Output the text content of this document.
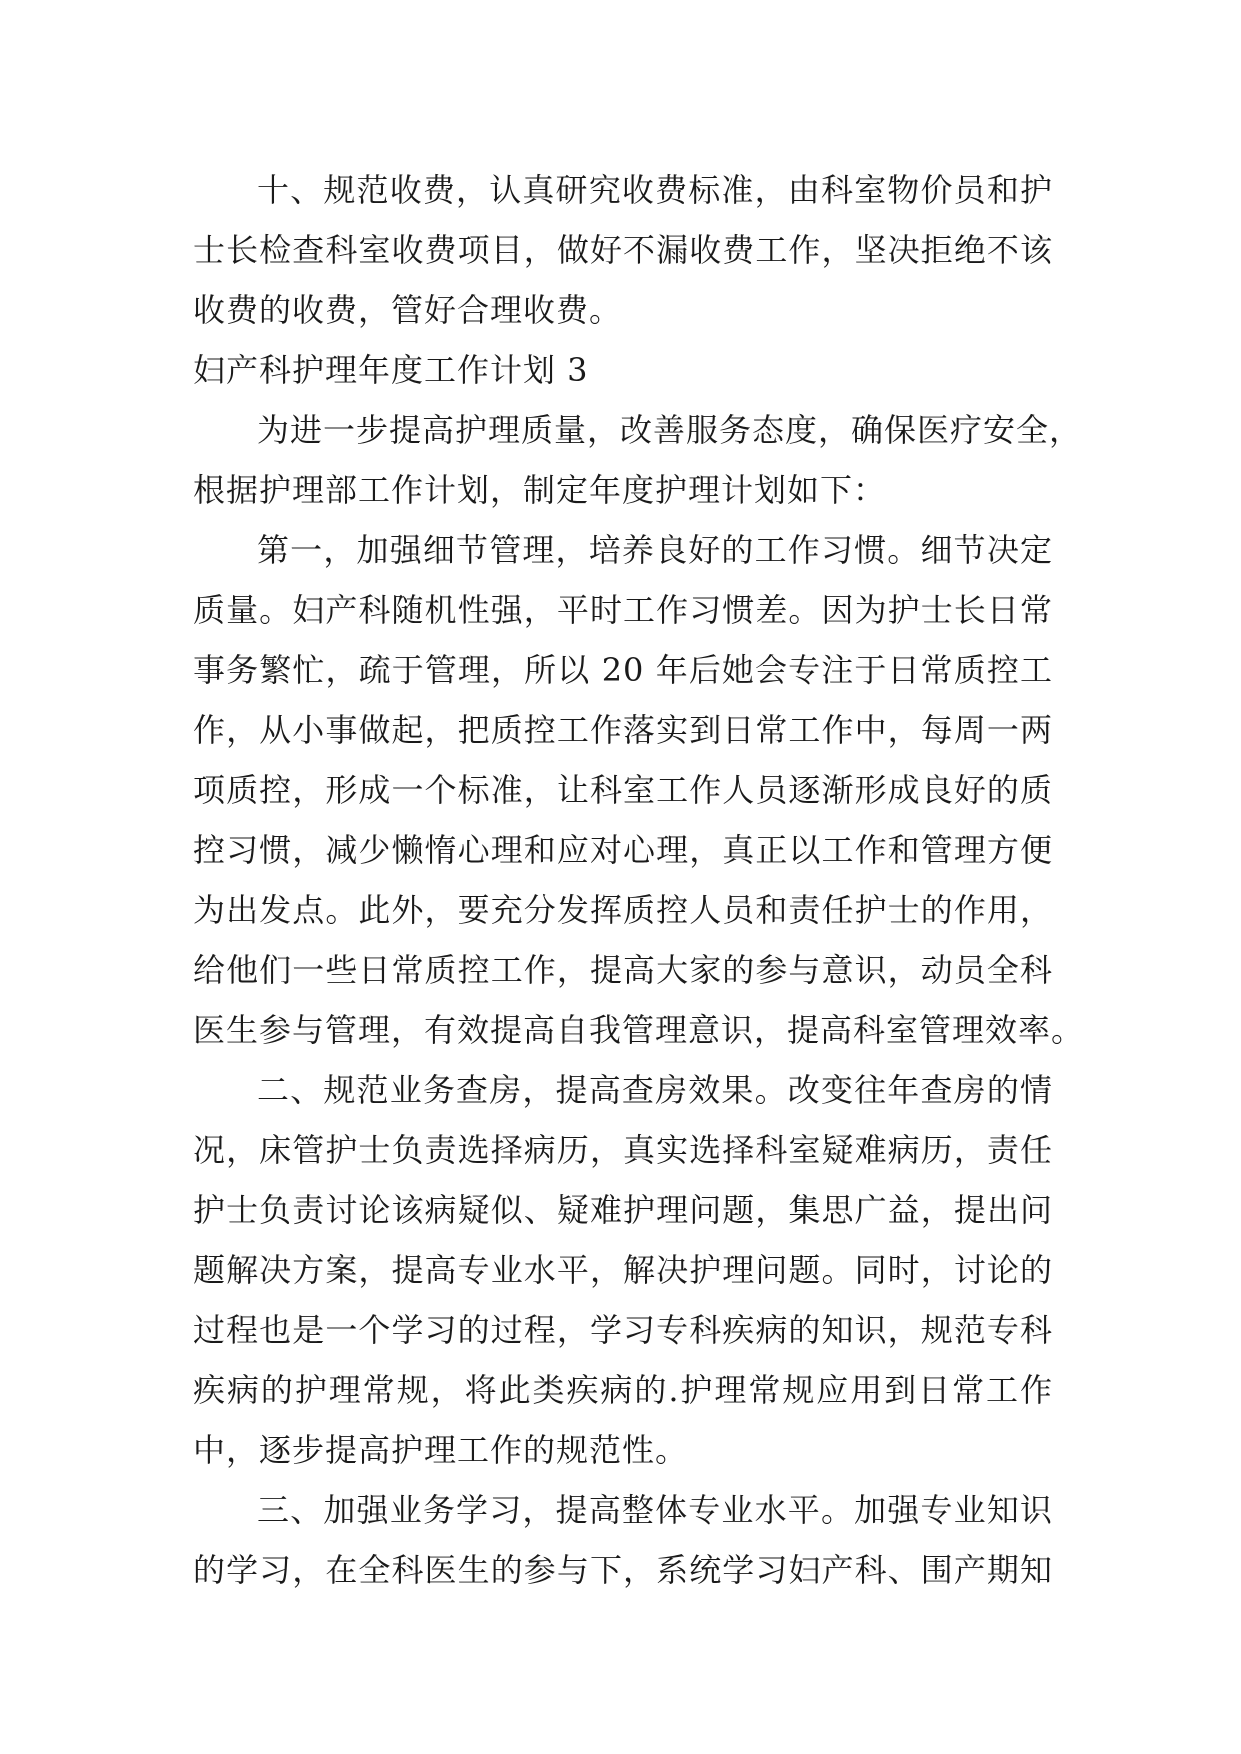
十、规范收费，认真研究收费标准，由科室物价员和护
士长检查科室收费项目，做好不漏收费工作，坚决拒绝不该
收费的收费，管好合理收费。
妇产科护理年度工作计划 3
为进一步提高护理质量，改善服务态度，确保医疗安全，
根据护理部工作计划，制定年度护理计划如下：
第一，加强细节管理，培养良好的工作习惯。细节决定
质量。妇产科随机性强，平时工作习惯差。因为护士长日常
事务繁忙，疏于管理，所以 20 年后她会专注于日常质控工
作，从小事做起，把质控工作落实到日常工作中，每周一两
项质控，形成一个标准，让科室工作人员逐渐形成良好的质
控习惯，减少懒惰心理和应对心理，真正以工作和管理方便
为出发点。此外，要充分发挥质控人员和责任护士的作用，
给他们一些日常质控工作，提高大家的参与意识，动员全科
医生参与管理，有效提高自我管理意识，提高科室管理效率。
二、规范业务查房，提高查房效果。改变往年查房的情
况，床管护士负责选择病历，真实选择科室疑难病历，责任
护士负责讨论该病疑似、疑难护理问题，集思广益，提出问
题解决方案，提高专业水平，解决护理问题。同时，讨论的
过程也是一个学习的过程，学习专科疾病的知识，规范专科
疾病的护理常规，将此类疾病的.护理常规应用到日常工作
中，逐步提高护理工作的规范性。
三、加强业务学习，提高整体专业水平。加强专业知识
的学习，在全科医生的参与下，系统学习妇产科、围产期知
